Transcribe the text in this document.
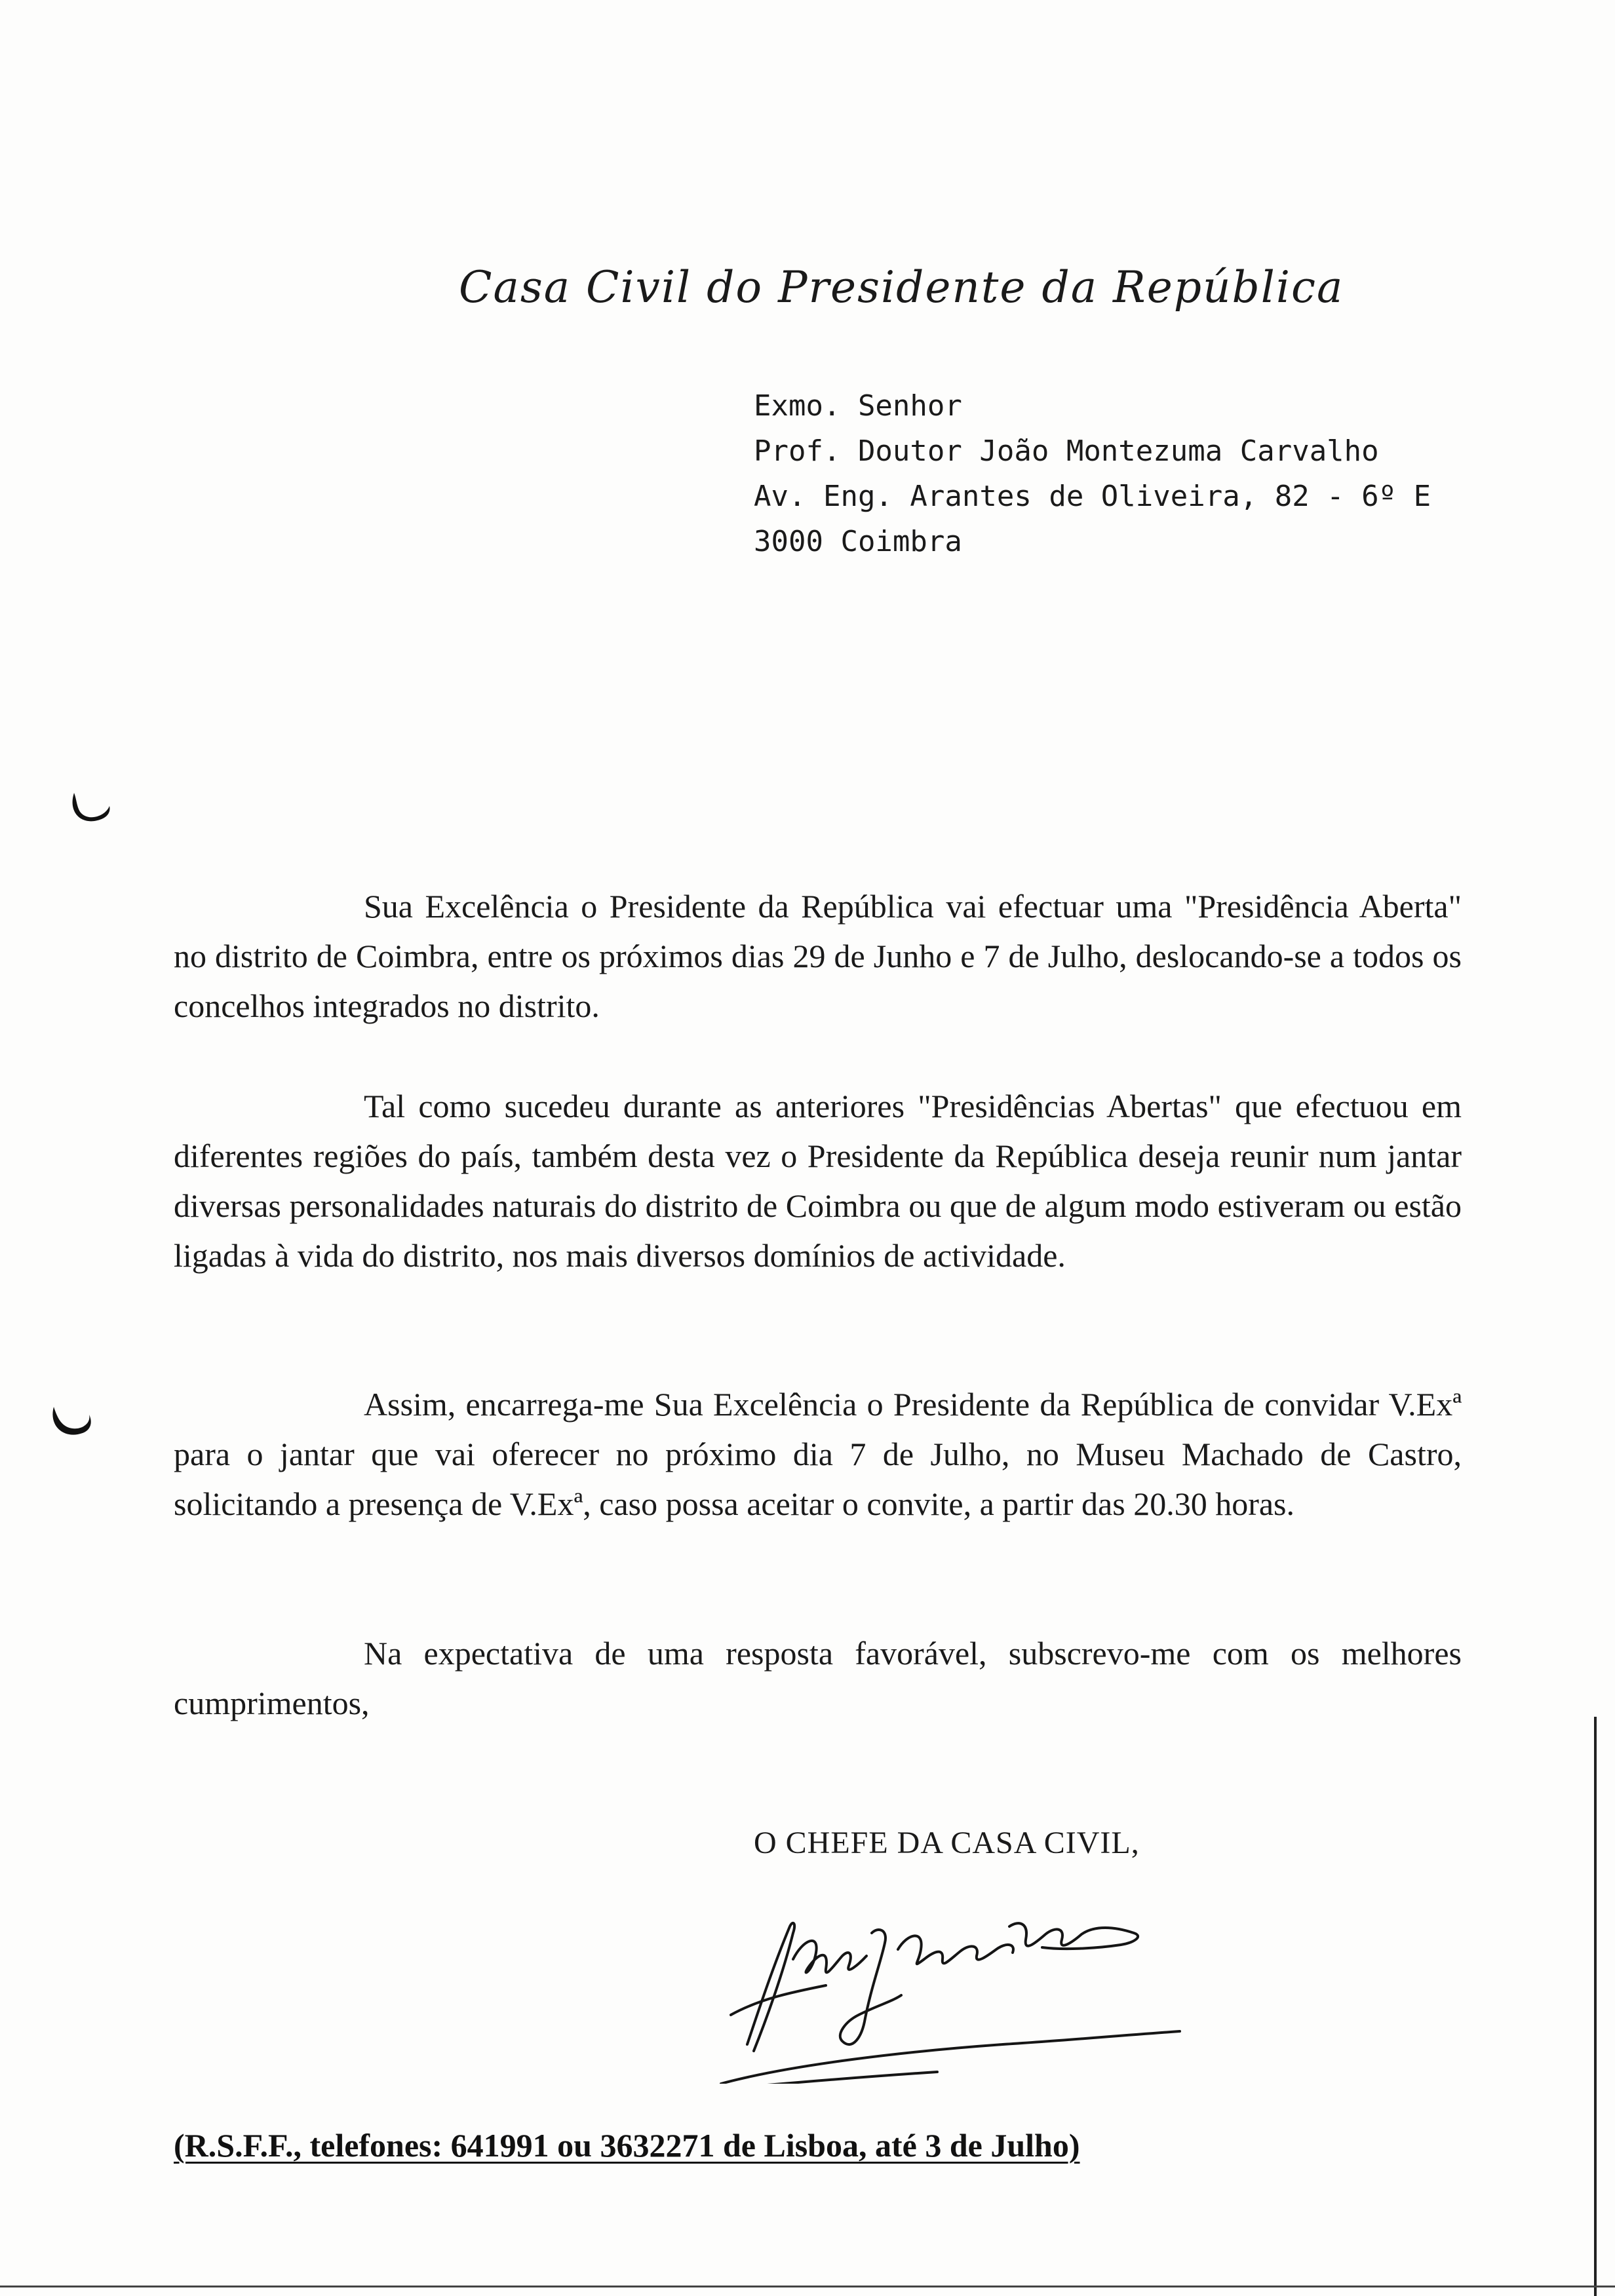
Casa Civil do Presidente da República
Exmo. Senhor
Prof. Doutor João Montezuma Carvalho
Av. Eng. Arantes de Oliveira, 82 - 6º E
3000 Coimbra

Sua Excelência o Presidente da República vai efectuar uma "Presidência Aberta" no distrito de Coimbra, entre os próximos dias 29 de Junho e 7 de Julho, deslocando-se a todos os concelhos integrados no distrito.

Tal como sucedeu durante as anteriores "Presidências Abertas" que efectuou em diferentes regiões do país, também desta vez o Presidente da República deseja reunir num jantar diversas personalidades naturais do distrito de Coimbra ou que de algum modo estiveram ou estão ligadas à vida do distrito, nos mais diversos domínios de actividade.

Assim, encarrega-me Sua Excelência o Presidente da República de convidar V.Exª para o jantar que vai oferecer no próximo dia 7 de Julho, no Museu Machado de Castro, solicitando a presença de V.Exª, caso possa aceitar o convite, a partir das 20.30 horas.

Na expectativa de uma resposta favorável, subscrevo-me com os melhores cumprimentos,

O CHEFE DA CASA CIVIL,
(R.S.F.F., telefones: 641991 ou 3632271 de Lisboa, até 3 de Julho)
